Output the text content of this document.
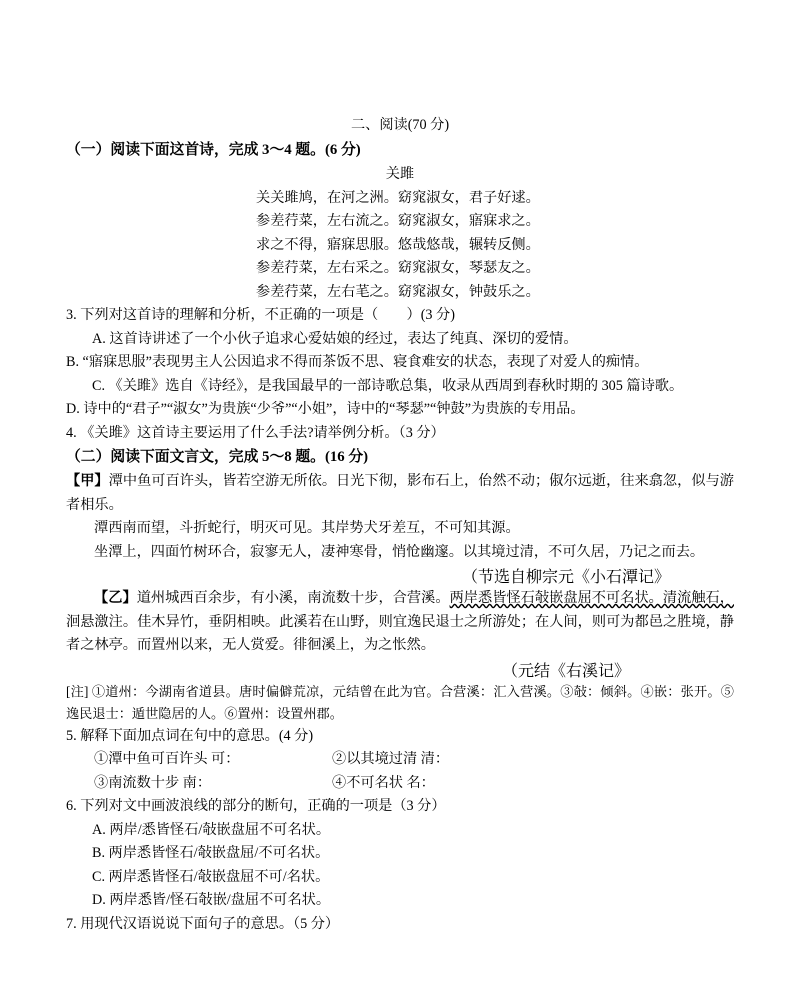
二、阅读(70 分)
（一）阅读下面这首诗，完成 3～4 题。(6 分)
关雎
关关雎鸠，在河之洲。窈窕淑女，君子好逑。
参差荇菜，左右流之。窈窕淑女，寤寐求之。
求之不得，寤寐思服。悠哉悠哉，辗转反侧。
参差荇菜，左右采之。窈窕淑女，琴瑟友之。
参差荇菜，左右芼之。窈窕淑女，钟鼓乐之。
3. 下列对这首诗的理解和分析，不正确的一项是（        ）(3 分)
A. 这首诗讲述了一个小伙子追求心爱姑娘的经过，表达了纯真、深切的爱情。
B. “寤寐思服”表现男主人公因追求不得而茶饭不思、寝食难安的状态，表现了对爱人的痴情。
C. 《关雎》选自《诗经》，是我国最早的一部诗歌总集，收录从西周到春秋时期的 305 篇诗歌。
D. 诗中的“君子”“淑女”为贵族“少爷”“小姐”，诗中的“琴瑟”“钟鼓”为贵族的专用品。
4. 《关雎》这首诗主要运用了什么手法?请举例分析。（3 分）
（二）阅读下面文言文，完成 5～8 题。(16 分)
【甲】潭中鱼可百许头，皆若空游无所依。日光下彻，影布石上，佁然不动；俶尔远逝，往来翕忽，似与游者相乐。
潭西南而望，斗折蛇行，明灭可见。其岸势犬牙差互，不可知其源。
坐潭上，四面竹树环合，寂寥无人，凄神寒骨，悄怆幽邃。以其境过清，不可久居，乃记之而去。
（节选自柳宗元《小石潭记》
【乙】道州城西百余步，有小溪，南流数十步，合营溪。两岸悉皆怪石敧嵌盘屈不可名状。清流触石，洄悬激注。佳木异竹，垂阴相映。此溪若在山野，则宜逸民退士之所游处；在人间，则可为都邑之胜境，静者之林亭。而置州以来，无人赏爱。徘徊溪上，为之怅然。
（元结《右溪记》
[注] ①道州：今湖南省道县。唐时偏僻荒凉，元结曾在此为官。合营溪：汇入营溪。③敧：倾斜。④嵌：张开。⑤逸民退士：遁世隐居的人。⑥置州：设置州郡。
5. 解释下面加点词在句中的意思。(4 分)
①潭中鱼可百许头 可：	②以其境过清 清：
③南流数十步 南：	④不可名状 名：
6. 下列对文中画波浪线的部分的断句，正确的一项是（3 分）
A. 两岸/悉皆怪石/敧嵌盘屈不可名状。
B. 两岸悉皆怪石/敧嵌盘屈/不可名状。
C. 两岸悉皆怪石/敧嵌盘屈不可/名状。
D. 两岸悉皆/怪石敧嵌/盘屈不可名状。
7. 用现代汉语说说下面句子的意思。（5 分）
